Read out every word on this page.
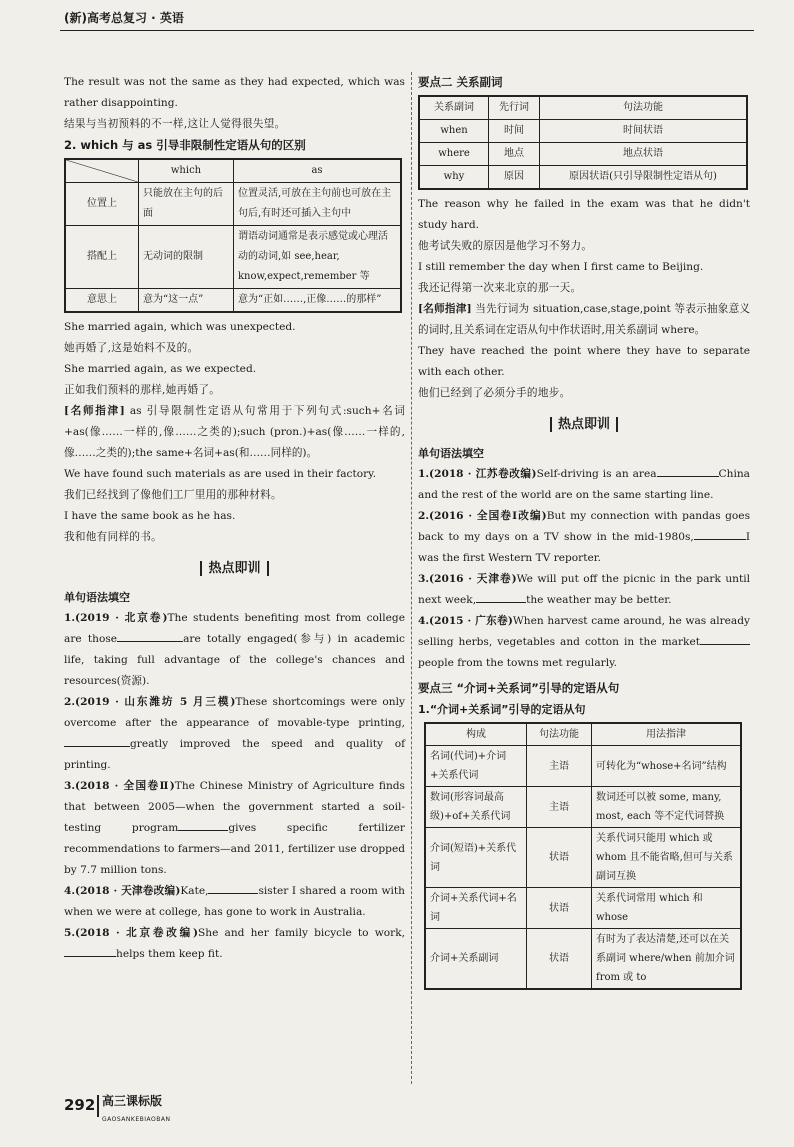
(新)高考总复习 · 英语

The result was not the same as they had expected, which was rather disappointing.

结果与当初预料的不一样,这让人觉得很失望。

2. which 与 as 引导非限制性定语从句的区别

	which	as
位置上	只能放在主句的后面	位置灵活,可放在主句前也可放在主句后,有时还可插入主句中
搭配上	无动词的限制	谓语动词通常是表示感觉或心理活动的动词,如 see,hear, know,expect,remember 等
意思上	意为“这一点”	意为“正如……,正像……的那样”

She married again, which was unexpected.

她再婚了,这是始料不及的。

She married again, as we expected.

正如我们预料的那样,她再婚了。

[名师指津] as 引导限制性定语从句常用于下列句式:such+名词+as(像……一样的,像……之类的);such (pron.)+as(像……一样的,像……之类的);the same+名词+as(和……同样的)。

We have found such materials as are used in their factory.

我们已经找到了像他们工厂里用的那种材料。

I have the same book as he has.

我和他有同样的书。

热点即训

单句语法填空

1.(2019 · 北京卷)The students benefiting most from college are those	are totally engaged(参与) in academic life, taking full advantage of the college's chances and resources(资源).

2.(2019 · 山东潍坊 5 月三模)These shortcomings were only overcome after the appearance of movable-type printing,greatly improved the speed and quality of printing.

3.(2018 · 全国卷Ⅱ)The Chinese Ministry of Agriculture finds that between 2005—when the government started a soil-testing program	gives specific fertilizer recommendations to farmers—and 2011, fertilizer use dropped by 7.7 million tons.

4.(2018 · 天津卷改编)Kate,	sister I shared a room with when we were at college, has gone to work in Australia.

5.(2018 · 北京卷改编)She and her family bicycle to work,helps them keep fit.

要点二 关系副词

关系副词	先行词	句法功能
when	时间	时间状语
where	地点	地点状语
why	原因	原因状语(只引导限制性定语从句)

The reason why he failed in the exam was that he didn't study hard.

他考试失败的原因是他学习不努力。

I still remember the day when I first came to Beijing.

我还记得第一次来北京的那一天。

[名师指津] 当先行词为 situation,case,stage,point 等表示抽象意义的词时,且关系词在定语从句中作状语时,用关系副词 where。

They have reached the point where they have to separate with each other.

他们已经到了必须分手的地步。

热点即训

单句语法填空

1.(2018 · 江苏卷改编)Self-driving is an area	China and the rest of the world are on the same starting line.

2.(2016 · 全国卷Ⅰ改编)But my connection with pandas goes back to my days on a TV show in the mid-1980s,	I was the first Western TV reporter.

3.(2016 · 天津卷)We will put off the picnic in the park until next week,	the weather may be better.

4.(2015 · 广东卷)When harvest came around, he was already selling herbs, vegetables and cotton in the marketpeople from the towns met regularly.

要点三 “介词+关系词”引导的定语从句

1.“介词+关系词”引导的定语从句

构成	句法功能	用法指津
名词(代词)+介词+关系代词	主语	可转化为“whose+名词”结构
数词(形容词最高级)+of+关系代词	主语	数词还可以被 some, many, most, each 等不定代词替换
介词(短语)+关系代词	状语	关系代词只能用 which 或 whom 且不能省略,但可与关系副词互换
介词+关系代词+名词	状语	关系代词常用 which 和 whose
介词+关系副词	状语	有时为了表达清楚,还可以在关系副词 where/when 前加介词 from 或 to
292 高三课标版
GAOSANKEBIAOBAN
